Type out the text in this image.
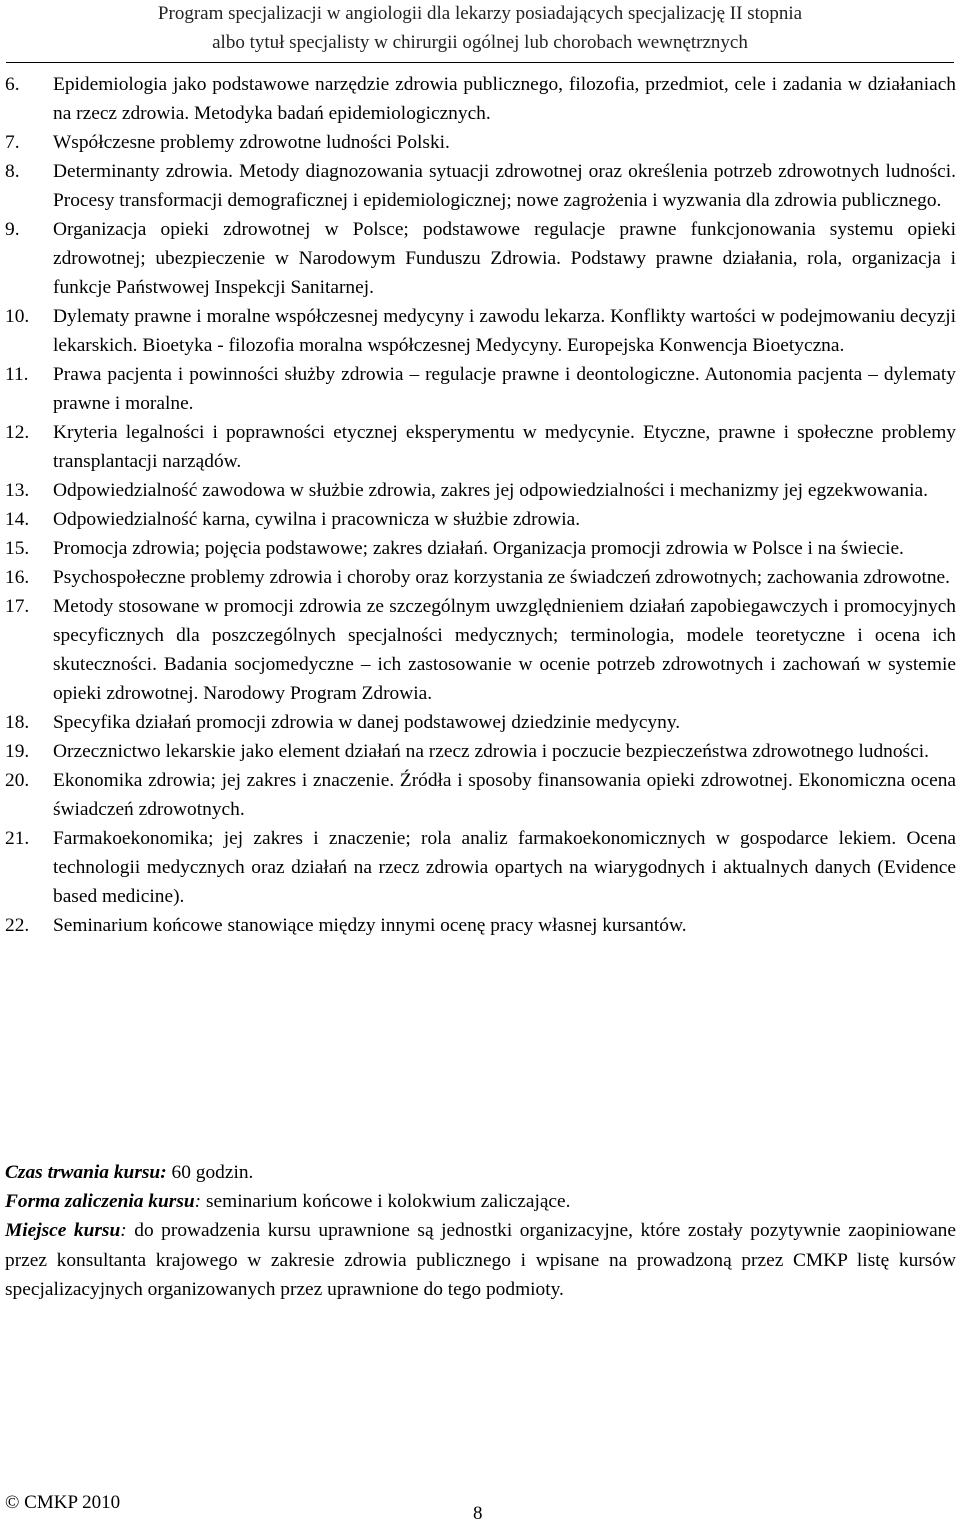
Program specjalizacji w angiologii dla lekarzy posiadających specjalizację II stopnia
albo tytuł specjalisty w chirurgii ogólnej lub chorobach wewnętrznych
6.	Epidemiologia jako podstawowe narzędzie zdrowia publicznego, filozofia, przedmiot, cele i zadania w działaniach na rzecz zdrowia. Metodyka badań epidemiologicznych.
7.	Współczesne problemy zdrowotne ludności Polski.
8.	Determinanty zdrowia. Metody diagnozowania sytuacji zdrowotnej oraz określenia potrzeb zdrowotnych ludności. Procesy transformacji demograficznej i epidemiologicznej; nowe zagrożenia i wyzwania dla zdrowia publicznego.
9.	Organizacja opieki zdrowotnej w Polsce; podstawowe regulacje prawne funkcjonowania systemu opieki zdrowotnej; ubezpieczenie w Narodowym Funduszu Zdrowia. Podstawy prawne działania, rola, organizacja i funkcje Państwowej Inspekcji Sanitarnej.
10.	Dylematy prawne i moralne współczesnej medycyny i zawodu lekarza. Konflikty wartości w podejmowaniu decyzji lekarskich. Bioetyka - filozofia moralna współczesnej Medycyny. Europejska Konwencja Bioetyczna.
11.	Prawa pacjenta i powinności służby zdrowia – regulacje prawne i deontologiczne. Autonomia pacjenta – dylematy prawne i moralne.
12.	Kryteria legalności i poprawności etycznej eksperymentu w medycynie. Etyczne, prawne i społeczne problemy transplantacji narządów.
13.	Odpowiedzialność zawodowa w służbie zdrowia, zakres jej odpowiedzialności i mechanizmy jej egzekwowania.
14.	Odpowiedzialność karna, cywilna i pracownicza w służbie zdrowia.
15.	Promocja zdrowia; pojęcia podstawowe; zakres działań. Organizacja promocji zdrowia w Polsce i na świecie.
16.	Psychospołeczne problemy zdrowia i choroby oraz korzystania ze świadczeń zdrowotnych; zachowania zdrowotne.
17.	Metody stosowane w promocji zdrowia ze szczególnym uwzględnieniem działań zapobiegawczych i promocyjnych specyficznych dla poszczególnych specjalności medycznych; terminologia, modele teoretyczne i ocena ich skuteczności. Badania socjomedyczne – ich zastosowanie w ocenie potrzeb zdrowotnych i zachowań w systemie opieki zdrowotnej. Narodowy Program Zdrowia.
18.	Specyfika działań promocji zdrowia w danej podstawowej dziedzinie medycyny.
19.	Orzecznictwo lekarskie jako element działań na rzecz zdrowia i poczucie bezpieczeństwa zdrowotnego ludności.
20.	Ekonomika zdrowia; jej zakres i znaczenie. Źródła i sposoby finansowania opieki zdrowotnej. Ekonomiczna ocena świadczeń zdrowotnych.
21.	Farmakoekonomika; jej zakres i znaczenie; rola analiz farmakoekonomicznych w gospodarce lekiem. Ocena technologii medycznych oraz działań na rzecz zdrowia opartych na wiarygodnych i aktualnych danych (Evidence based medicine).
22.	Seminarium końcowe stanowiące między innymi ocenę pracy własnej kursantów.
Czas trwania kursu: 60 godzin.
Forma zaliczenia kursu: seminarium końcowe i kolokwium zaliczające.
Miejsce kursu: do prowadzenia kursu uprawnione są jednostki organizacyjne, które zostały pozytywnie zaopiniowane przez konsultanta krajowego w zakresie zdrowia publicznego i wpisane na prowadzoną przez CMKP listę kursów specjalizacyjnych organizowanych przez uprawnione do tego podmioty.
© CMKP 2010
8
